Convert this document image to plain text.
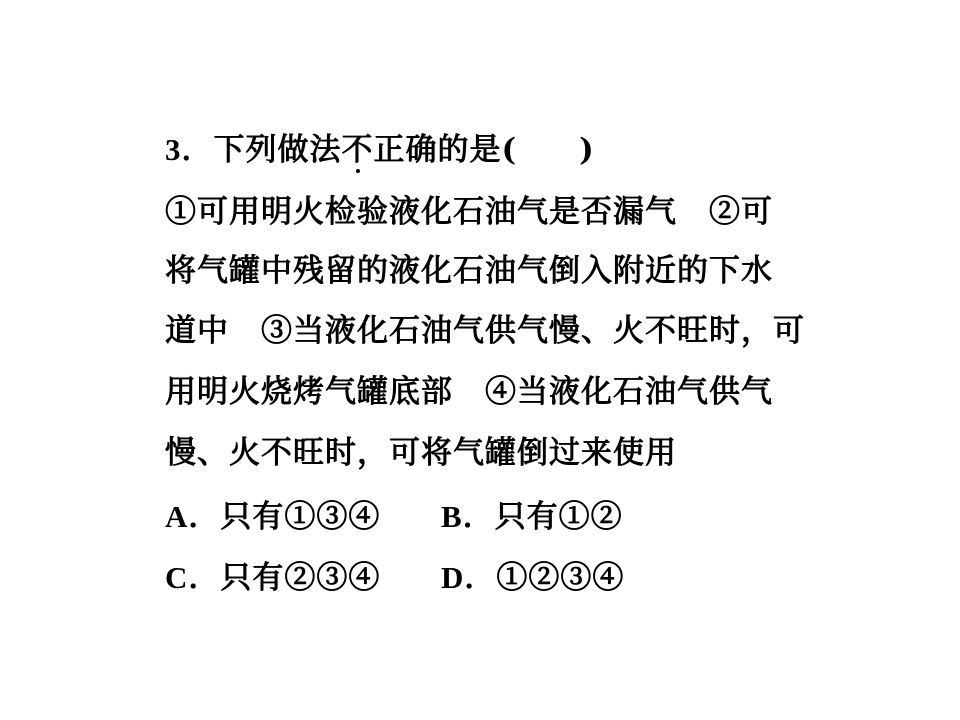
3．下列做法不
正确的是( )
①可用明火检验液化石油气是否漏气　②可
将气罐中残留的液化石油气倒入附近的下水
道中　③当液化石油气供气慢、火不旺时，可
用明火烧烤气罐底部　④当液化石油气供气
慢、火不旺时，可将气罐倒过来使用
A．只有①③④ B．只有①②
C．只有②③④ D．①②③④
